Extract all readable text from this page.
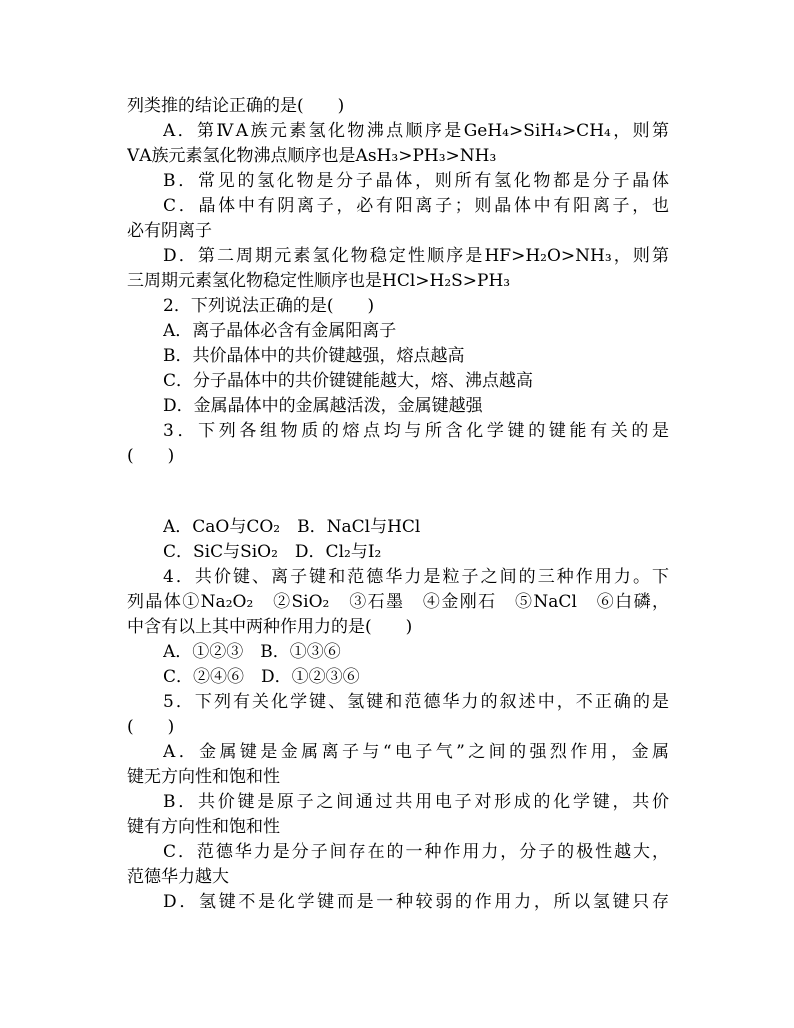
列类推的结论正确的是(　　)
A．第ⅣA族元素氢化物沸点顺序是GeH₄>SiH₄>CH₄，则第
ⅤA族元素氢化物沸点顺序也是AsH₃>PH₃>NH₃
B．常见的氢化物是分子晶体，则所有氢化物都是分子晶体
C．晶体中有阴离子，必有阳离子；则晶体中有阳离子，也
必有阴离子
D．第二周期元素氢化物稳定性顺序是HF>H₂O>NH₃，则第
三周期元素氢化物稳定性顺序也是HCl>H₂S>PH₃
2．下列说法正确的是(　　)
A．离子晶体必含有金属阳离子
B．共价晶体中的共价键越强，熔点越高
C．分子晶体中的共价键键能越大，熔、沸点越高
D．金属晶体中的金属越活泼，金属键越强
3．下列各组物质的熔点均与所含化学键的键能有关的是
(　　)
A．CaO与CO₂　B．NaCl与HCl
C．SiC与SiO₂　D．Cl₂与I₂
4．共价键、离子键和范德华力是粒子之间的三种作用力。下
列晶体①Na₂O₂　②SiO₂　③石墨　④金刚石　⑤NaCl　⑥白磷，
中含有以上其中两种作用力的是(　　)
A．①②③　B．①③⑥
C．②④⑥　D．①②③⑥
5．下列有关化学键、氢键和范德华力的叙述中，不正确的是
(　　)
A．金属键是金属离子与“电子气”之间的强烈作用，金属
键无方向性和饱和性
B．共价键是原子之间通过共用电子对形成的化学键，共价
键有方向性和饱和性
C．范德华力是分子间存在的一种作用力，分子的极性越大，
范德华力越大
D．氢键不是化学键而是一种较弱的作用力，所以氢键只存
